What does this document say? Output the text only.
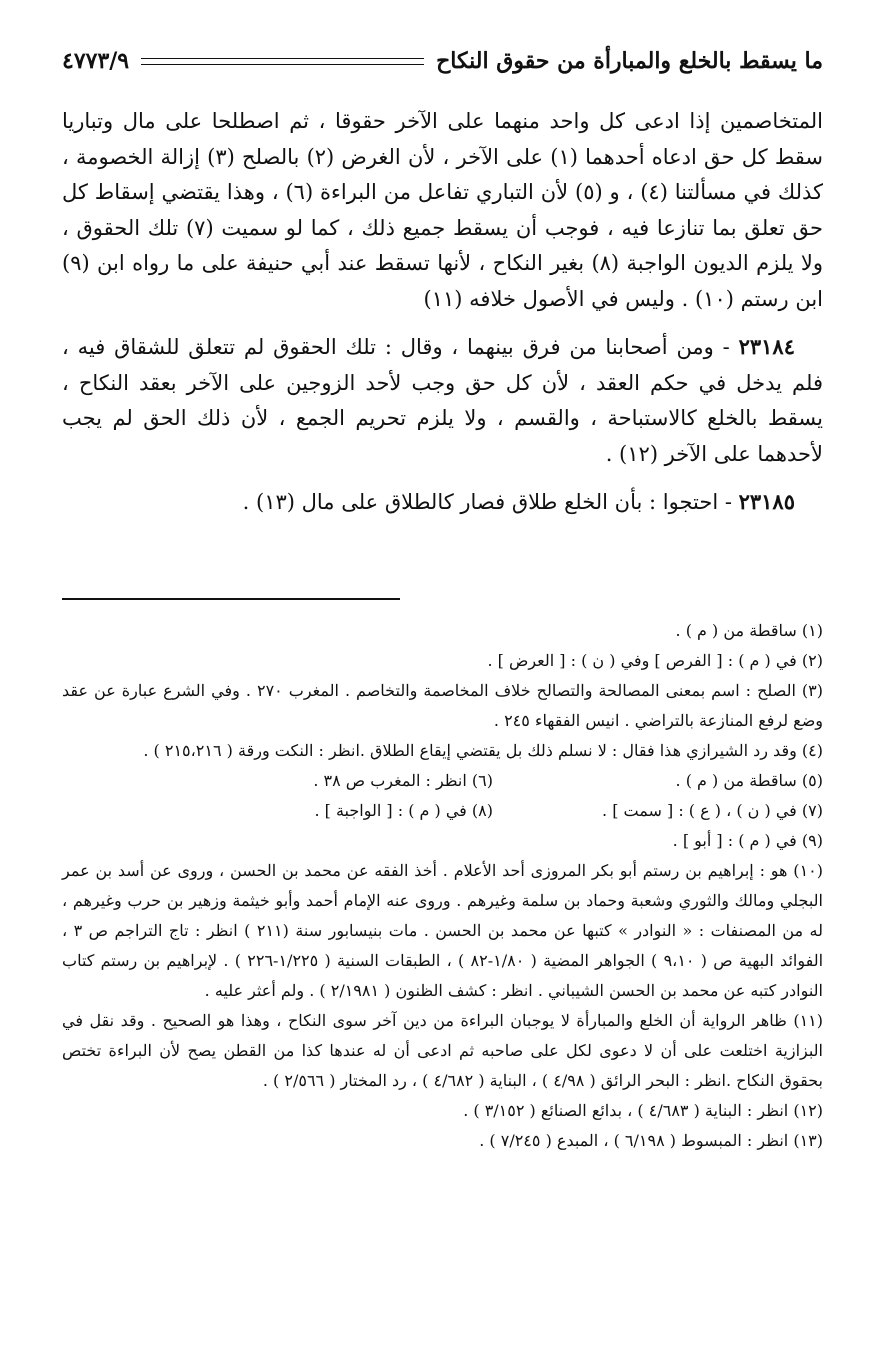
ما يسقط بالخلع والمبارأة من حقوق النكاح
٤٧٧٣/٩

المتخاصمين إذا ادعى كل واحد منهما على الآخر حقوقا ، ثم اصطلحا على مال وتباريا سقط كل حق ادعاه أحدهما (١) على الآخر ، لأن الغرض (٢) بالصلح (٣) إزالة الخصومة ، كذلك في مسألتنا (٤) ، و (٥) لأن التباري تفاعل من البراءة (٦) ، وهذا يقتضي إسقاط كل حق تعلق بما تنازعا فيه ، فوجب أن يسقط جميع ذلك ، كما لو سميت (٧) تلك الحقوق ، ولا يلزم الديون الواجبة (٨) بغير النكاح ، لأنها تسقط عند أبي حنيفة على ما رواه ابن (٩) ابن رستم (١٠) . وليس في الأصول خلافه (١١)

٢٣١٨٤ - ومن أصحابنا من فرق بينهما ، وقال : تلك الحقوق لم تتعلق للشقاق فيه ، فلم يدخل في حكم العقد ، لأن كل حق وجب لأحد الزوجين على الآخر بعقد النكاح ، يسقط بالخلع كالاستباحة ، والقسم ، ولا يلزم تحريم الجمع ، لأن ذلك الحق لم يجب لأحدهما على الآخر (١٢) .

٢٣١٨٥ - احتجوا : بأن الخلع طلاق فصار كالطلاق على مال (١٣) .

(١) ساقطة من ( م ) .

(٢) في ( م ) : [ الفرص ] وفي ( ن ) : [ العرض ] .

(٣) الصلح : اسم بمعنى المصالحة والتصالح خلاف المخاصمة والتخاصم . المغرب ٢٧٠ . وفي الشرع عبارة عن عقد وضع لرفع المنازعة بالتراضي . انيس الفقهاء ٢٤٥ .

(٤) وقد رد الشيرازي هذا فقال : لا نسلم ذلك بل يقتضي إيقاع الطلاق .انظر : النكت ورقة ( ٢١٥،٢١٦ ) .

(٥) ساقطة من ( م ) .
(٦) انظر : المغرب ص ٣٨ .
(٧) في ( ن ) ، ( ع ) : [ سمت ] .
(٨) في ( م ) : [ الواجبة ] .

(٩) في ( م ) : [ أبو ] .

(١٠) هو : إبراهيم بن رستم أبو بكر المروزى أحد الأعلام . أخذ الفقه عن محمد بن الحسن ، وروى عن أسد بن عمر البجلي ومالك والثوري وشعبة وحماد بن سلمة وغيرهم . وروى عنه الإمام أحمد وأبو خيثمة وزهير بن حرب وغيرهم ، له من المصنفات : « النوادر » كتبها عن محمد بن الحسن . مات بنيسابور سنة (٢١١ ) انظر : تاج التراجم ص ٣ ، الفوائد البهية ص ( ٩،١٠ ) الجواهر المضية ( ١/٨٠-٨٢ ) ، الطبقات السنية ( ١/٢٢٥-٢٢٦ ) . لإبراهيم بن رستم كتاب النوادر كتبه عن محمد بن الحسن الشيباني . انظر : كشف الظنون ( ٢/١٩٨١ ) . ولم أعثر عليه .

(١١) ظاهر الرواية أن الخلع والمبارأة لا يوجبان البراءة من دين آخر سوى النكاح ، وهذا هو الصحيح . وقد نقل في البزازية اختلعت على أن لا دعوى لكل على صاحبه ثم ادعى أن له عندها كذا من القطن يصح لأن البراءة تختص بحقوق النكاح .انظر : البحر الرائق ( ٤/٩٨ ) ، البناية ( ٤/٦٨٢ ) ، رد المختار ( ٢/٥٦٦ ) .

(١٢) انظر : البناية ( ٤/٦٨٣ ) ، بدائع الصنائع ( ٣/١٥٢ ) .

(١٣) انظر : المبسوط ( ٦/١٩٨ ) ، المبدع ( ٧/٢٤٥ ) .
